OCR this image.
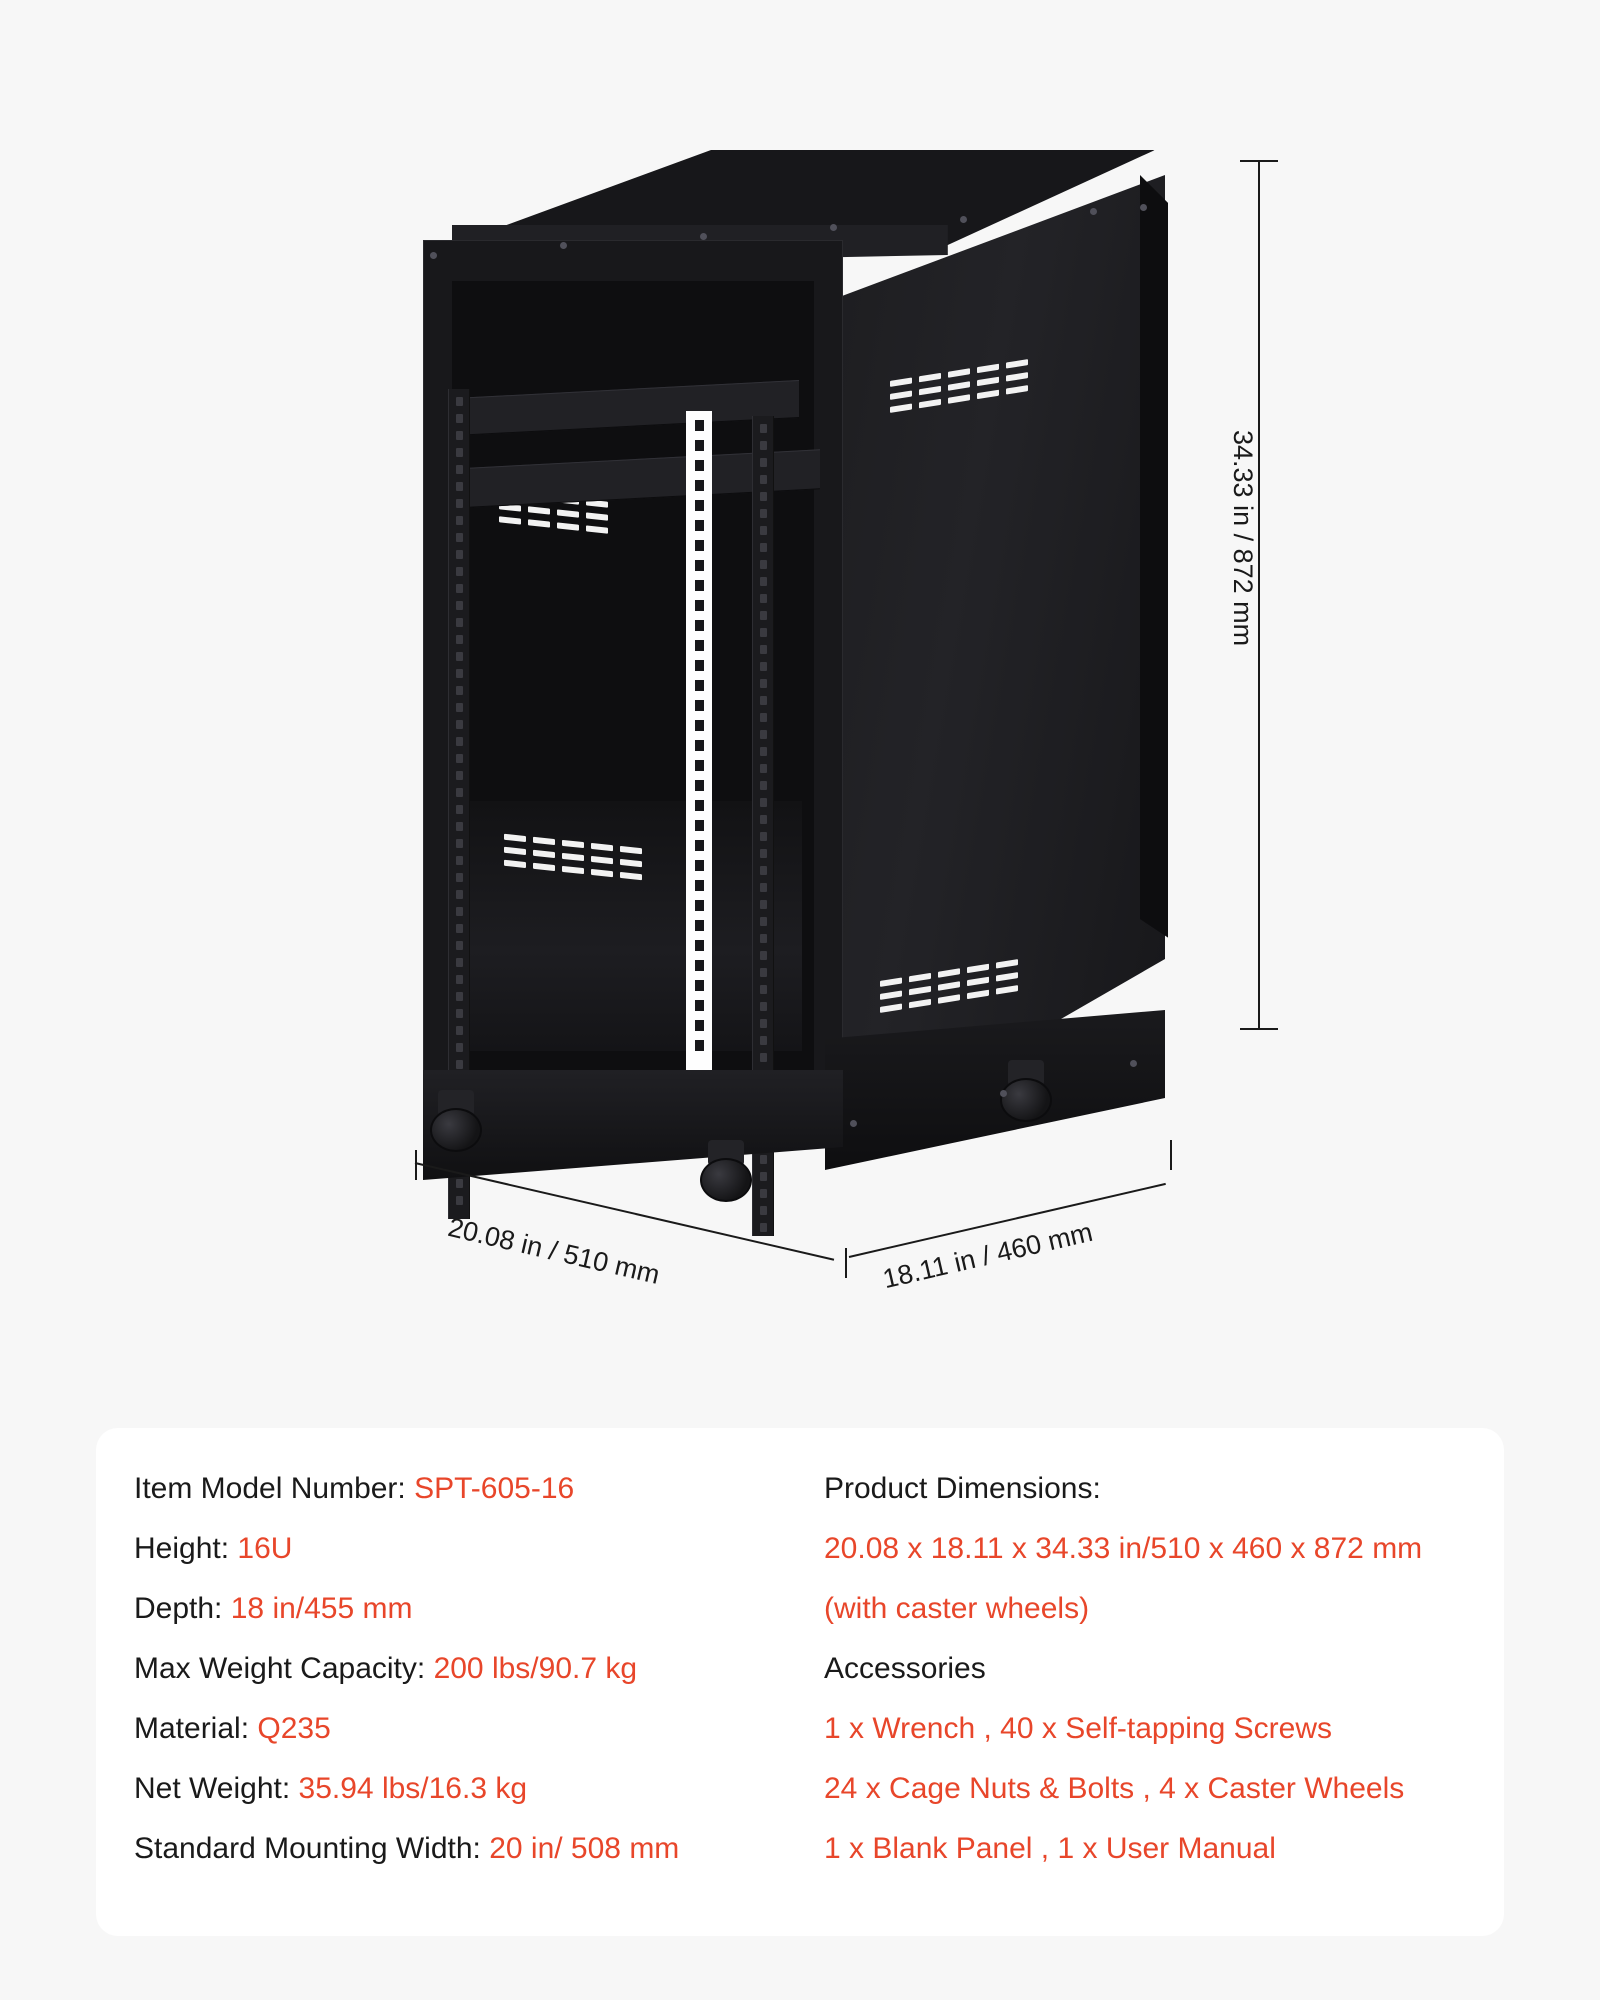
34.33 in / 872 mm
20.08 in / 510 mm	18.11 in / 460 mm
Item Model Number: SPT-605-16
Height: 16U
Depth: 18 in/455 mm
Max Weight Capacity: 200 lbs/90.7 kg
Material: Q235
Net Weight: 35.94 lbs/16.3 kg
Standard Mounting Width: 20 in/ 508 mm
Product Dimensions:
20.08 x 18.11 x 34.33 in/510 x 460 x 872 mm
(with caster wheels)
Accessories
1 x Wrench , 40 x Self-tapping Screws
24 x Cage Nuts & Bolts , 4 x Caster Wheels
1 x Blank Panel , 1 x User Manual
